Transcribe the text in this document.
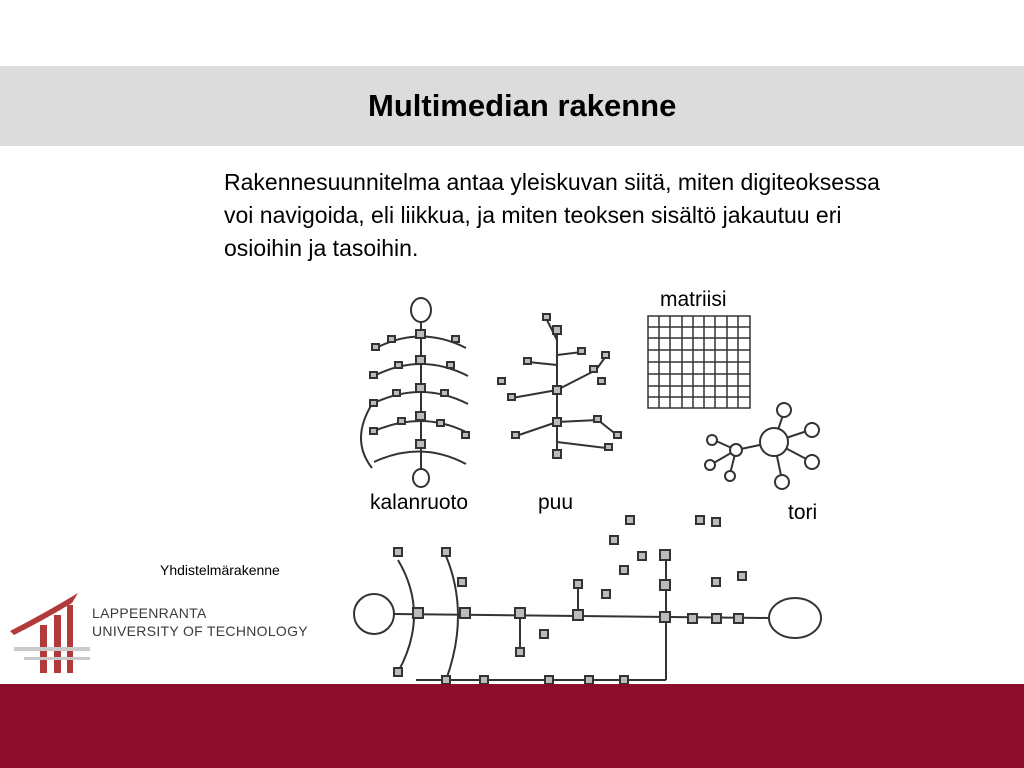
Multimedian rakenne
Rakennesuunnitelma antaa yleiskuvan siitä, miten digiteoksessa voi navigoida, eli liikkua, ja miten teoksen sisältö jakautuu eri osioihin ja tasoihin.
matriisi
kalanruoto	puu	tori
Yhdistelmärakenne
LAPPEENRANTA
UNIVERSITY OF TECHNOLOGY
